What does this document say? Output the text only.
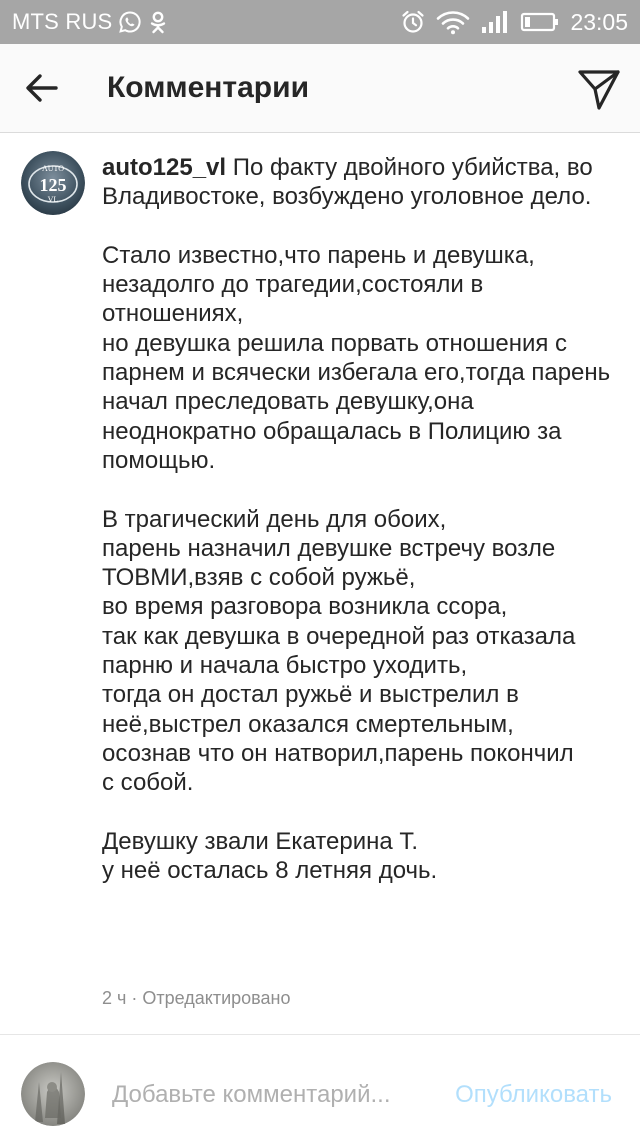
MTS RUS	23:05
Комментарии
AUTO
125
VL
auto125_vl По факту двойного убийства, во Владивостоке, возбуждено уголовное дело.

Стало известно,что парень и девушка, незадолго до трагедии,состояли в отношениях,
но девушка решила порвать отношения с парнем и всячески избегала его,тогда парень начал преследовать девушку,она неоднократно обращалась в Полицию за помощью.

В трагический день для обоих,
парень назначил девушке встречу возле ТОВМИ,взяв с собой ружьё,
во время разговора возникла ссора,
так как девушка в очередной раз отказала парню и начала быстро уходить,
тогда он достал ружьё и выстрелил в неё,выстрел оказался смертельным,
осознав что он натворил,парень покончил
с собой.

Девушку звали Екатерина Т.
у неё осталась 8 летняя дочь.
2 ч · Отредактировано
Добавьте комментарий...
Опубликовать
